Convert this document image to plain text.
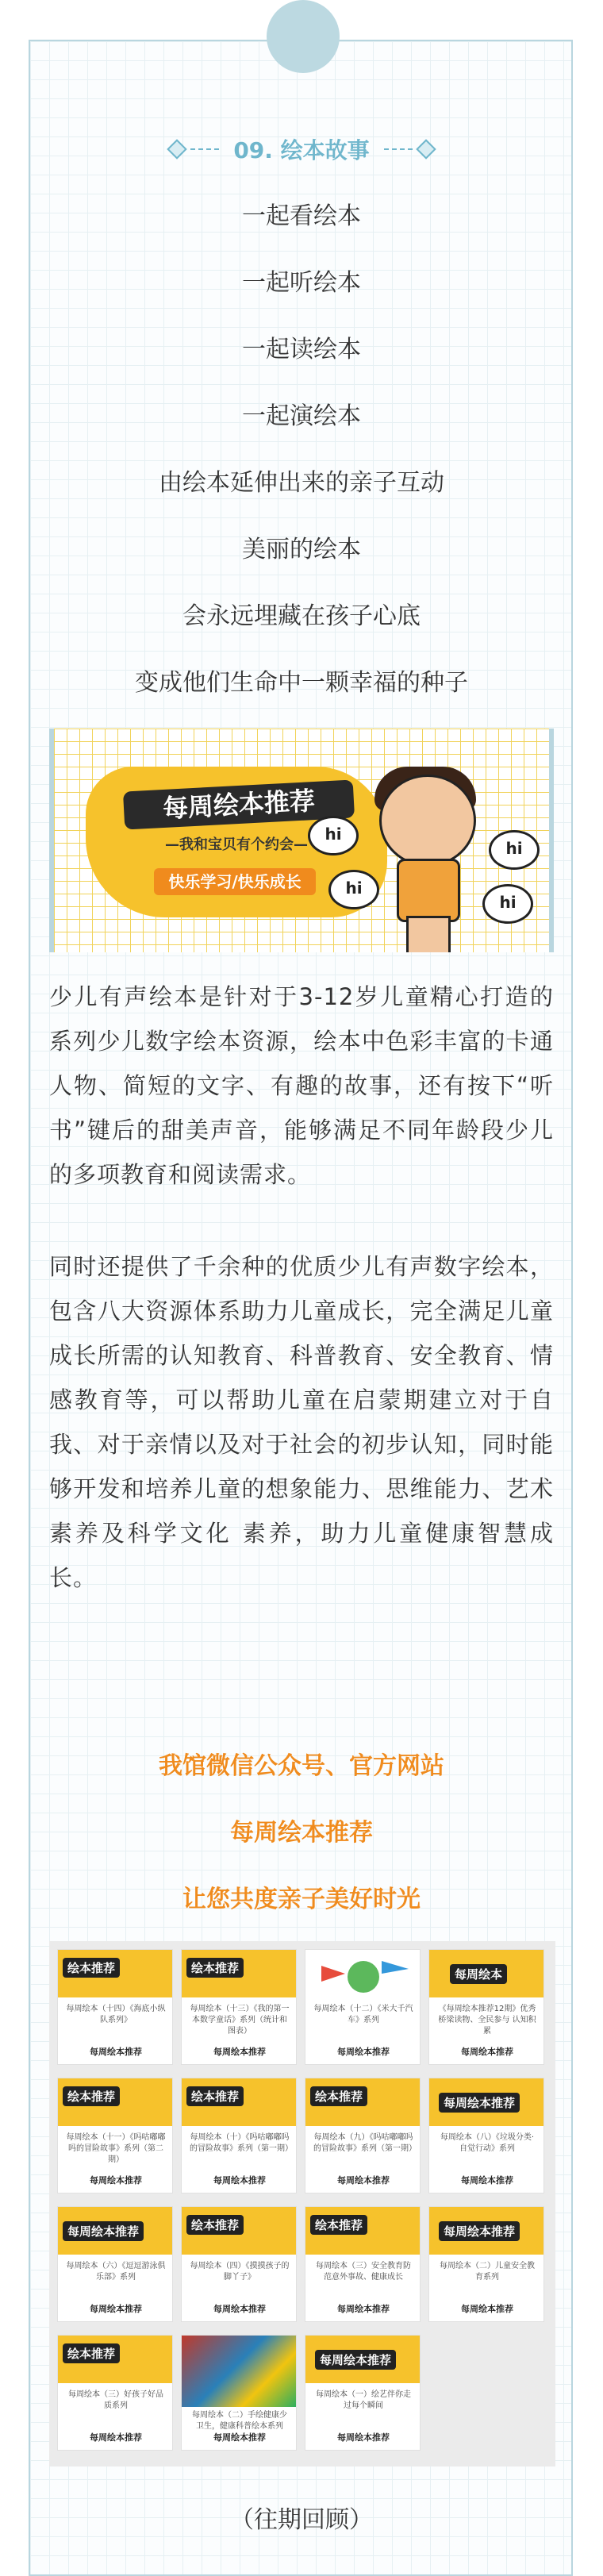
09. 绘本故事
一起看绘本
一起听绘本
一起读绘本
一起演绘本
由绘本延伸出来的亲子互动
美丽的绘本
会永远埋藏在孩子心底
变成他们生命中一颗幸福的种子
每周绘本推荐
—我和宝贝有个约会—
快乐学习/快乐成长
hi
hi
hi
hi
少儿有声绘本是针对于3-12岁儿童精心打造的系列少儿数字绘本资源，绘本中色彩丰富的卡通人物、简短的文字、有趣的故事，还有按下“听书”键后的甜美声音，能够满足不同年龄段少儿的多项教育和阅读需求。
同时还提供了千余种的优质少儿有声数字绘本，包含八大资源体系助力儿童成长，完全满足儿童成长所需的认知教育、科普教育、安全教育、情感教育等，可以帮助儿童在启蒙期建立对于自我、对于亲情以及对于社会的初步认知，同时能够开发和培养儿童的想象能力、思维能力、艺术素养及科学文化 素养，助力儿童健康智慧成长。
我馆微信公众号、官方网站
每周绘本推荐
让您共度亲子美好时光
绘本推荐
每周绘本（十四）《海底小纵队系列》
每周绘本推荐
绘本推荐
每周绘本（十三）《我的第一本数学童话》系列（统计和图表）
每周绘本推荐
每周绘本（十二）《米大千汽车》系列
每周绘本推荐
每周绘本
《每周绘本推荐12期》优秀桥梁读物、全民参与 认知积累
每周绘本推荐
绘本推荐
每周绘本（十一）《吗咕嘟嘟吗的冒险故事》系列（第二期）
每周绘本推荐
绘本推荐
每周绘本（十）《吗咕嘟嘟吗的冒险故事》系列（第一期）
每周绘本推荐
绘本推荐
每周绘本（九）《吗咕嘟嘟吗的冒险故事》系列（第一期）
每周绘本推荐
每周绘本推荐
每周绘本（八）《垃圾分类·自觉行动》系列
每周绘本推荐
每周绘本推荐
每周绘本（六）《逗逗游泳俱乐部》系列
每周绘本推荐
绘本推荐
每周绘本（四）《摸摸孩子的脚丫子》
每周绘本推荐
绘本推荐
每周绘本（三）安全教育防范意外事故、健康成长
每周绘本推荐
每周绘本推荐
每周绘本（二）儿童安全教育系列
每周绘本推荐
绘本推荐
每周绘本（三）好孩子好品质系列
每周绘本推荐
每周绘本（二）手绘健康少卫生，健康科普绘本系列
每周绘本推荐
每周绘本推荐
每周绘本（一）绘艺伴你走过每个瞬间
每周绘本推荐
（往期回顾）
